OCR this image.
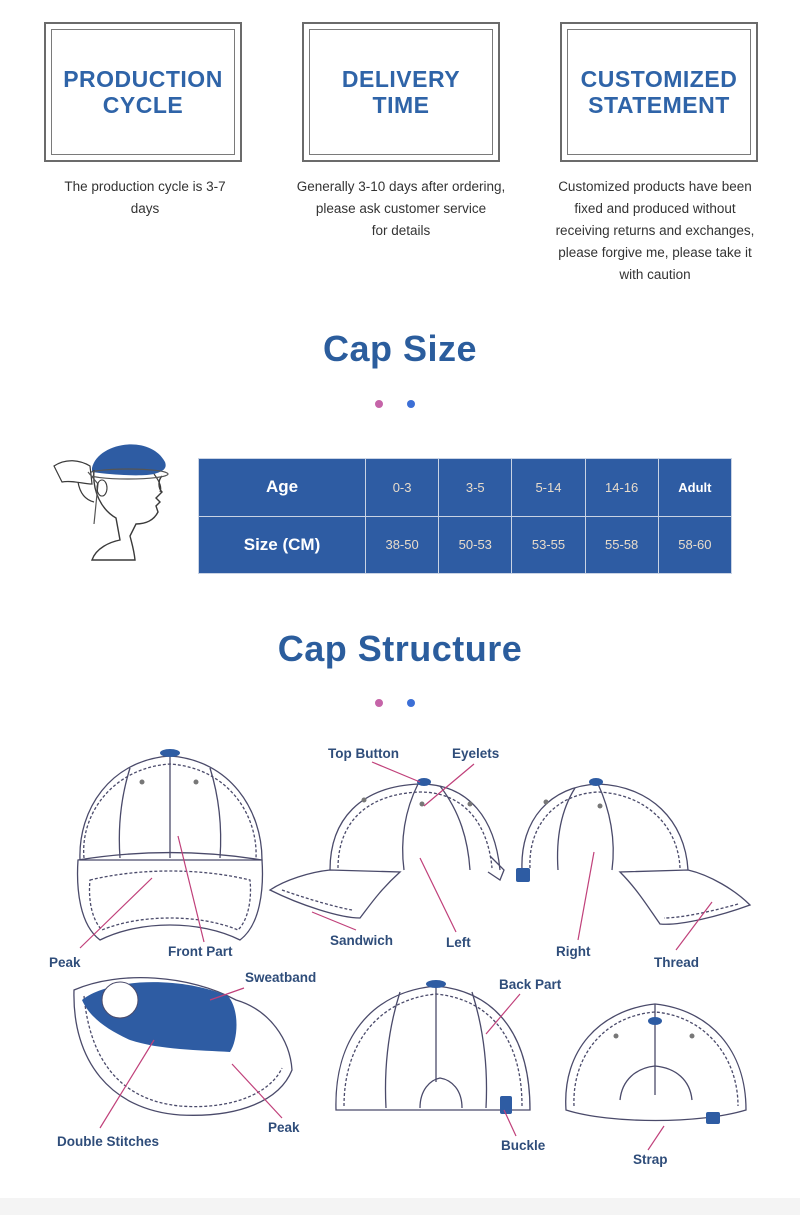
PRODUCTION
CYCLE
The production cycle is 3-7
days
DELIVERY
TIME
Generally 3-10 days after ordering,
please ask customer service
for details
CUSTOMIZED
STATEMENT
Customized products have been
fixed and produced without
receiving returns and exchanges,
please forgive me, please take it
with caution
Cap Size
Age	0-3	3-5	5-14	14-16	Adult
Size (CM)	38-50	50-53	53-55	55-58	58-60
Cap Structure
Peak
Front Part
Top Button	Eyelets
Sandwich	Left
Right
Thread
Sweatband	Back Part
Double Stitches
Peak
Buckle
Strap
